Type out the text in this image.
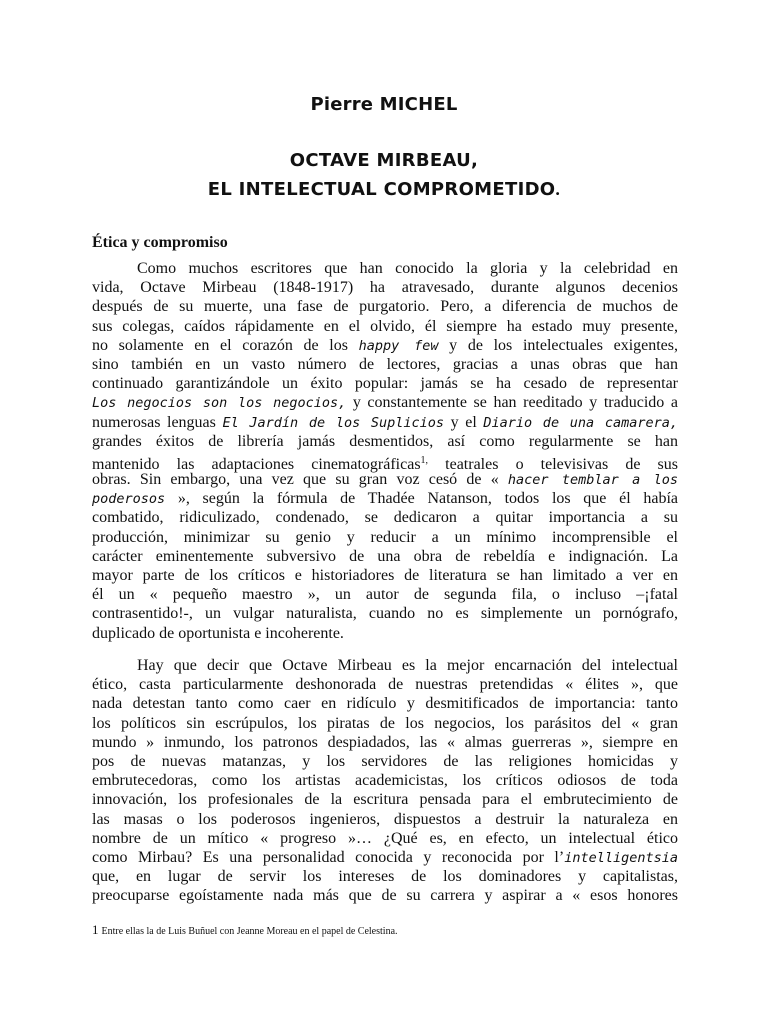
Pierre MICHEL
OCTAVE MIRBEAU,
EL INTELECTUAL COMPROMETIDO.
Ética y compromiso
Como muchos escritores que han conocido la gloria y la celebridad en
vida, Octave Mirbeau (1848-1917) ha atravesado, durante algunos decenios
después de su muerte, una fase de purgatorio. Pero, a diferencia de muchos de
sus colegas, caídos rápidamente en el olvido, él siempre ha estado muy presente,
no solamente en el corazón de los happy few y de los intelectuales exigentes,
sino también en un vasto número de lectores, gracias a unas obras que han
continuado garantizándole un éxito popular: jamás se ha cesado de representar
Los negocios son los negocios, y constantemente se han reeditado y traducido a
numerosas lenguas El Jardín de los Suplicios y el Diario de una camarera,
grandes éxitos de librería jamás desmentidos, así como regularmente se han
mantenido las adaptaciones cinematográficas$^{1,}$ teatrales o televisivas de sus
obras. Sin embargo, una vez que su gran voz cesó de « hacer temblar a los
poderosos », según la fórmula de Thadée Natanson, todos los que él había
combatido, ridiculizado, condenado, se dedicaron a quitar importancia a su
producción, minimizar su genio y reducir a un mínimo incomprensible el
carácter eminentemente subversivo de una obra de rebeldía e indignación. La
mayor parte de los críticos e historiadores de literatura se han limitado a ver en
él un « pequeño maestro », un autor de segunda fila, o incluso –¡fatal
contrasentido!-, un vulgar naturalista, cuando no es simplemente un pornógrafo,
duplicado de oportunista e incoherente.
Hay que decir que Octave Mirbeau es la mejor encarnación del intelectual
ético, casta particularmente deshonorada de nuestras pretendidas « élites », que
nada detestan tanto como caer en ridículo y desmitificados de importancia: tanto
los políticos sin escrúpulos, los piratas de los negocios, los parásitos del « gran
mundo » inmundo, los patronos despiadados, las « almas guerreras », siempre en
pos de nuevas matanzas, y los servidores de las religiones homicidas y
embrutecedoras, como los artistas academicistas, los críticos odiosos de toda
innovación, los profesionales de la escritura pensada para el embrutecimiento de
las masas o los poderosos ingenieros, dispuestos a destruir la naturaleza en
nombre de un mítico « progreso »… ¿Qué es, en efecto, un intelectual ético
como Mirbau? Es una personalidad conocida y reconocida por l’intelligentsia
que, en lugar de servir los intereses de los dominadores y capitalistas,
preocuparse egoístamente nada más que de su carrera y aspirar a « esos honores
1 Entre ellas la de Luis Buñuel con Jeanne Moreau en el papel de Celestina.
